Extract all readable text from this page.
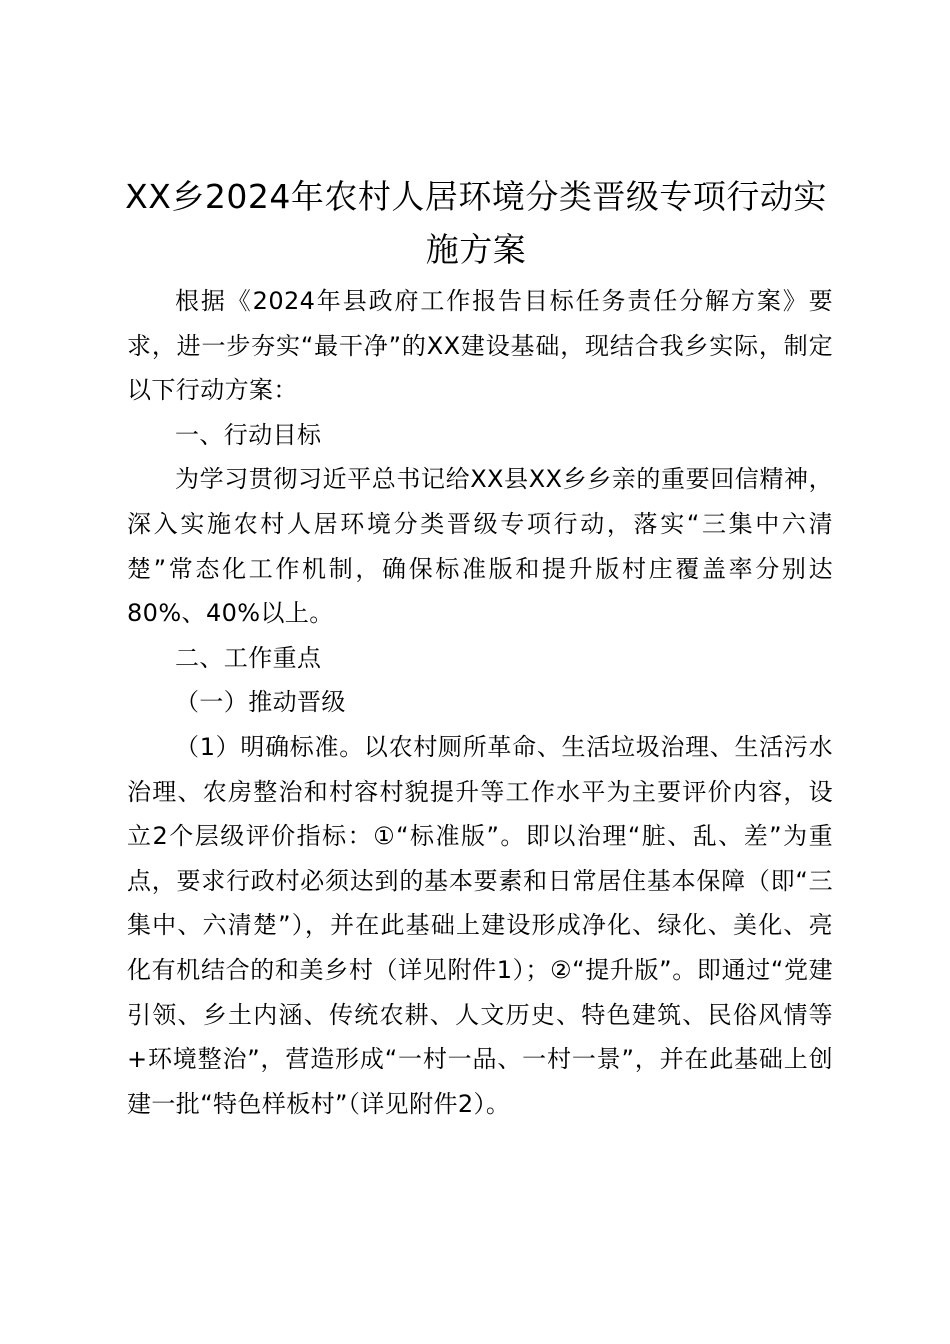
XX乡2024年农村人居环境分类晋级专项行动实施方案

根据《2024年县政府工作报告目标任务责任分解方案》要求，进一步夯实“最干净”的XX建设基础，现结合我乡实际，制定以下行动方案：

一、行动目标

为学习贯彻习近平总书记给XX县XX乡乡亲的重要回信精神，深入实施农村人居环境分类晋级专项行动，落实“三集中六清楚”常态化工作机制，确保标准版和提升版村庄覆盖率分别达80%、40%以上。

二、工作重点

（一）推动晋级

（1）明确标准。以农村厕所革命、生活垃圾治理、生活污水治理、农房整治和村容村貌提升等工作水平为主要评价内容，设立2个层级评价指标：①“标准版”。即以治理“脏、乱、差”为重点，要求行政村必须达到的基本要素和日常居住基本保障（即“三集中、六清楚”），并在此基础上建设形成净化、绿化、美化、亮化有机结合的和美乡村（详见附件1）；②“提升版”。即通过“党建引领、乡土内涵、传统农耕、人文历史、特色建筑、民俗风情等+环境整治”，营造形成“一村一品、一村一景”，并在此基础上创建一批“特色样板村”（详见附件2）。
